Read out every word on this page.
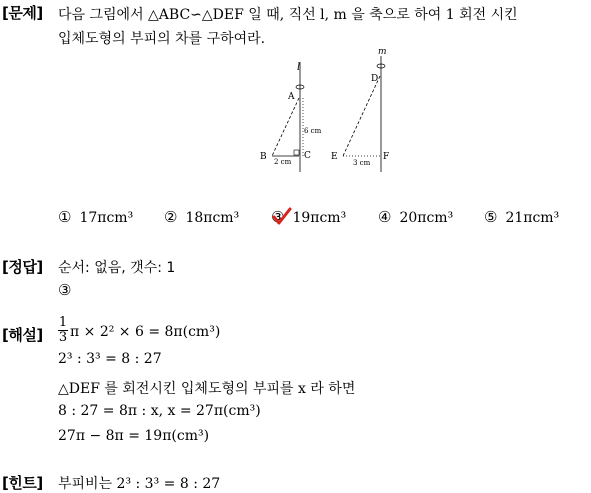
[문제] 다음 그림에서 △ABC∽△DEF 일 때, 직선 l, m 을 축으로 하여 1 회전 시킨
입체도형의 부피의 차를 구하여라.
l
A
B	C
6 cm
2 cm
m
D
E	F
3 cm
① 17πcm³ ② 18πcm³ ③ 19πcm³ ④ 20πcm³ ⑤ 21πcm³
[정답] 순서: 없음, 갯수: 1
③
[해설] $\frac{1}{3}$ π × 2² × 6 = 8π(cm³)
2³ : 3³ = 8 : 27
△DEF 를 회전시킨 입체도형의 부피를 x 라 하면
8 : 27 = 8π : x, x = 27π(cm³)
27π − 8π = 19π(cm³)
[힌트] 부피비는 2³ : 3³ = 8 : 27
